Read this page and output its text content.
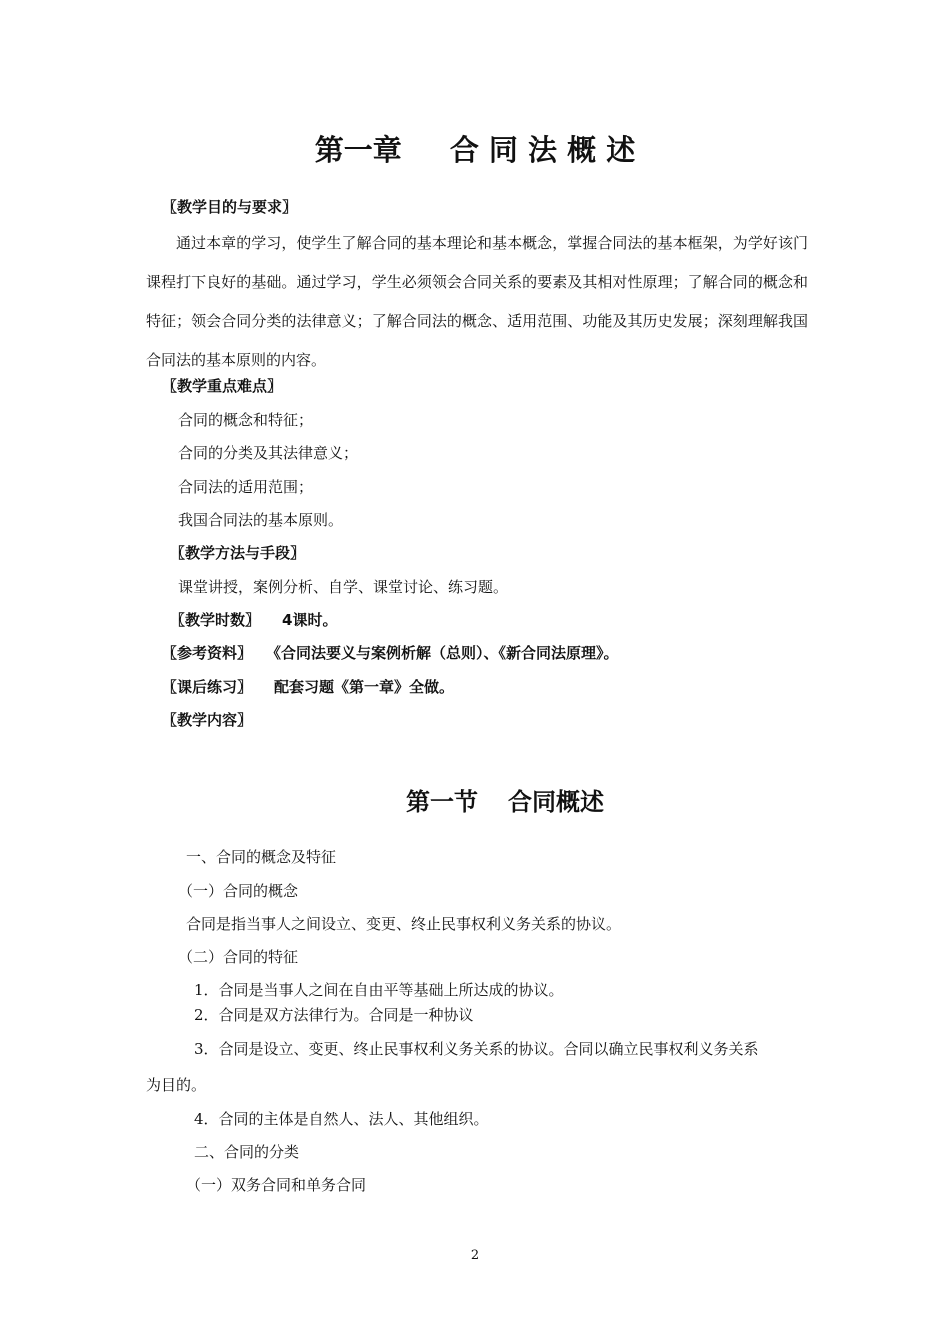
第一章 合 同 法 概 述
〖教学目的与要求〗
通过本章的学习，使学生了解合同的基本理论和基本概念，掌握合同法的基本框架，为学好该门课程打下良好的基础。通过学习，学生必须领会合同关系的要素及其相对性原理；了解合同的概念和特征；领会合同分类的法律意义；了解合同法的概念、适用范围、功能及其历史发展；深刻理解我国合同法的基本原则的内容。
〖教学重点难点〗
合同的概念和特征；
合同的分类及其法律意义；
合同法的适用范围；
我国合同法的基本原则。
〖教学方法与手段〗
课堂讲授，案例分析、自学、课堂讨论、练习题。
〖教学时数〗 4课时。
〖参考资料〗 《合同法要义与案例析解（总则）、《新合同法原理》。
〖课后练习〗 配套习题《第一章》全做。
〖教学内容〗
第一节 合同概述
一、合同的概念及特征
（一）合同的概念
合同是指当事人之间设立、变更、终止民事权利义务关系的协议。
（二）合同的特征
1．合同是当事人之间在自由平等基础上所达成的协议。
2．合同是双方法律行为。合同是一种协议
3．合同是设立、变更、终止民事权利义务关系的协议。合同以确立民事权利义务关系
为目的。
4．合同的主体是自然人、法人、其他组织。
二、合同的分类
（一）双务合同和单务合同
2
